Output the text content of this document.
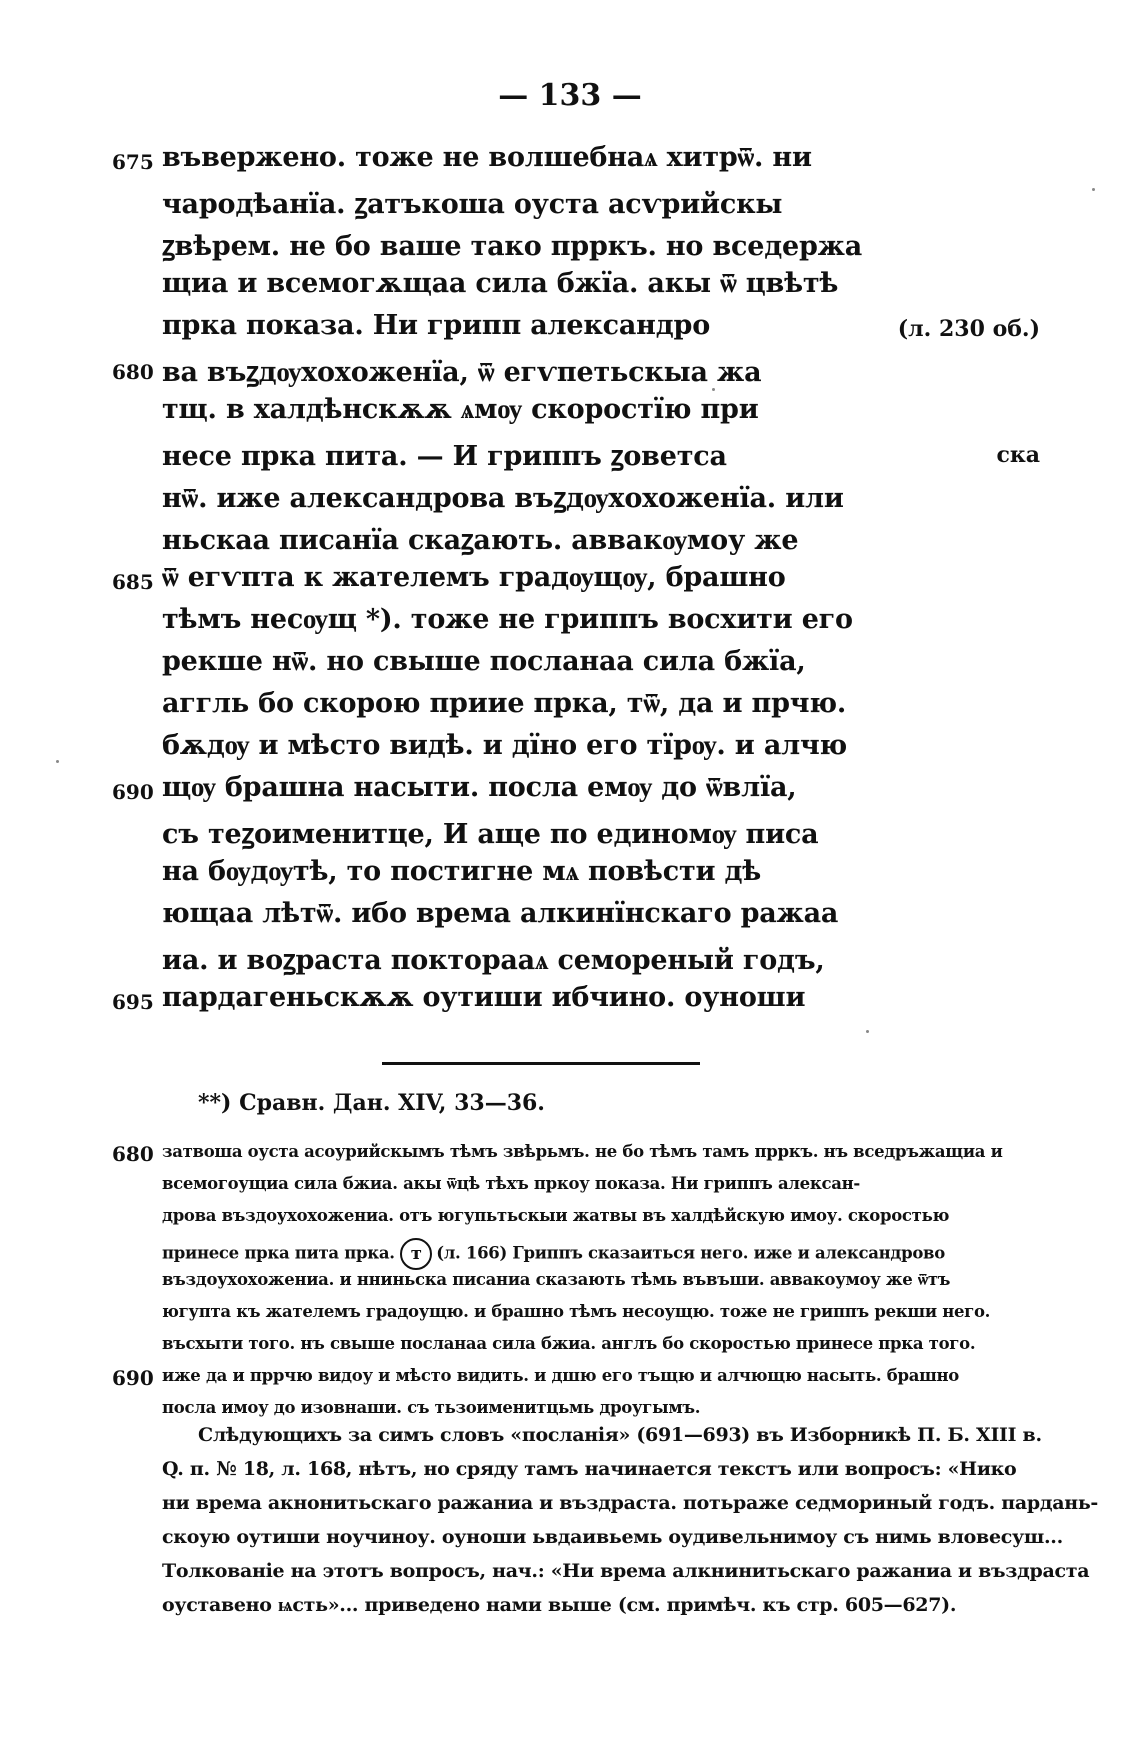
— 133 —
675 въвержено. тоже не волшебнаѧ хитрѿ. ни
чародѣанїа. ꙁатъкоша оуста асѵрийскы
ꙁвѣрем. не бо ваше тако прркъ. но вседержа
щиа и всемогѫщаа сила бжїа. акы ѿ цвѣтѣ
прка показа. Ни грипп александро	(л. 230 об.)
680 ва въꙁдѹхохоженїа, ѿ егѵпетьскыа жа
тщ. в халдѣнскѫѫ ѧмѹ скоростїю при
несе прка пита. — И гриппъ ꙁоветса	ска
нѿ. иже александрова въꙁдѹхохоженїа. или
ньскаа писанїа скаꙁають. аввакѹмоу же
685 ѿ егѵпта к жателемъ градѹщѹ, брашно
тѣмъ несѹщ *). тоже не гриппъ восхити его
рекше нѿ. но свыше посланаа сила бжїа,
аггль бо скорою приие прка, тѿ, да и прчю.
бѫдѹ и мѣсто видѣ. и дїно его тїрѹ. и алчю
690 щѹ брашна насыти. посла емѹ до ѿвлїа,
съ теꙁоименитце, И аще по единомѹ писа
на бѹдѹтѣ, то постигне мѧ повѣсти дѣ
ющаа лѣтѿ. ибо врема алкинїнскаго ражаа
иа. и воꙁраста покторааѧ семореный годъ,
695 пардагеньскѫѫ оутиши ибчино. оуноши
**) Сравн. Дан. XIV, 33—36.
680 затвоша оуста асоурийскымъ тѣмъ звѣрьмъ. не бо тѣмъ тамъ прркъ. нъ вседръжащиа и
всемогоущиа сила бжиа. акы ѿцѣ тѣхъ пркоу показа. Ни гриппъ алексан-
дрова въздоухохожениа. отъ югупьтьскыи жатвы въ халдѣйскую имоу. скоростью
принесе прка пита прка. т (л. 166) Гриппъ сказаиться него. иже и александрово
въздоухохожениа. и нниньска писаниа сказають тѣмь въвъши. аввакоумоу же ѿтъ
югупта къ жателемъ градоущю. и брашно тѣмъ несоущю. тоже не гриппъ рекши него.
въсхыти того. нъ свыше посланаа сила бжиа. англъ бо скоростью принесе прка того.
690 иже да и пррчю видоу и мѣсто видить. и дшю его тъщю и алчющю насыть. брашно
посла имоу до изовнаши. съ тьзоименитцьмь дроугымъ.
Слѣдующихъ за симъ словъ «посланія» (691—693) въ Изборникѣ П. Б. XIII в.
Q. п. № 18, л. 168, нѣтъ, но сряду тамъ начинается текстъ или вопросъ: «Нико
ни врема акнонитьскаго ражаниа и въздраста. потьраже седмориный годъ. пардань-
скоую оутиши ноучиноу. оуноши ьвдаивьемь оудивельнимоу съ нимь вловесуш...
Толкованіе на этотъ вопросъ, нач.: «Ни врема алкнинитьскаго ражаниа и въздраста
оуставено ѩсть»... приведено нами выше (см. примѣч. къ стр. 605—627).
